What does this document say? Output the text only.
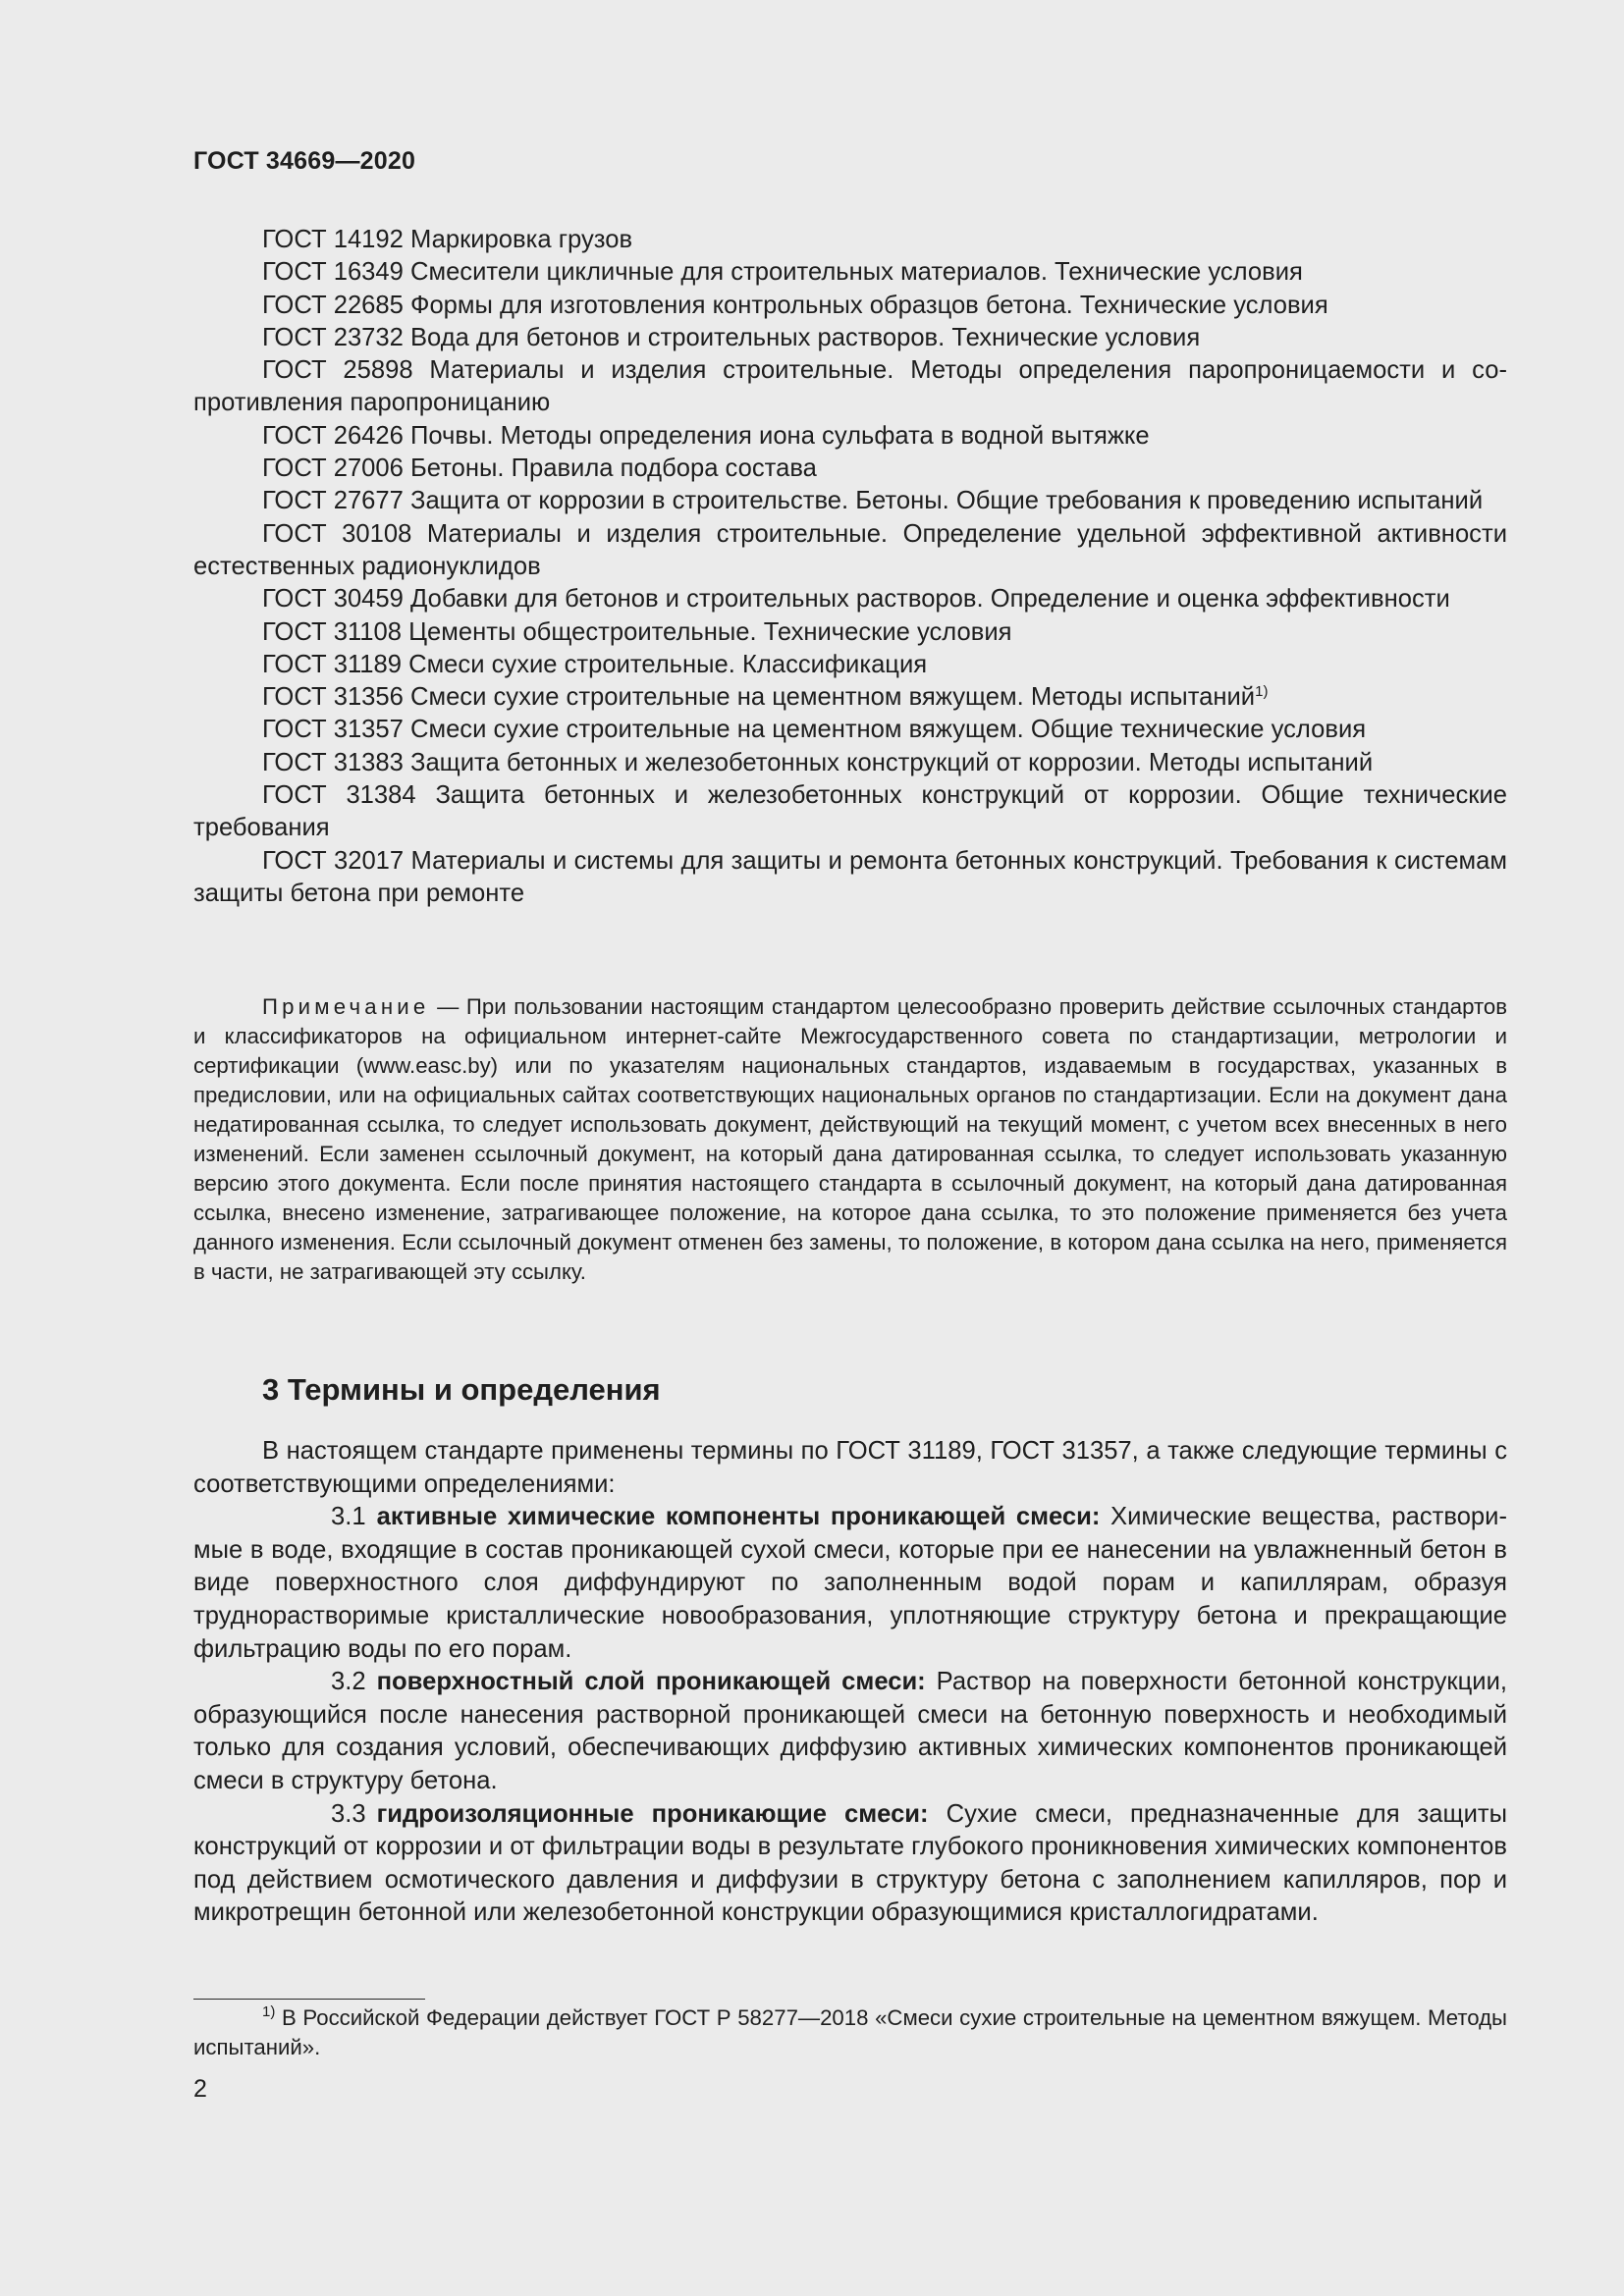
ГОСТ 34669—2020

ГОСТ 14192 Маркировка грузов

ГОСТ 16349 Смесители цикличные для строительных материалов. Технические условия

ГОСТ 22685 Формы для изготовления контрольных образцов бетона. Технические условия

ГОСТ 23732 Вода для бетонов и строительных растворов. Технические условия

ГОСТ 25898 Материалы и изделия строительные. Методы определения паропроницаемости и сопротивления паропроницанию

ГОСТ 26426 Почвы. Методы определения иона сульфата в водной вытяжке

ГОСТ 27006 Бетоны. Правила подбора состава

ГОСТ 27677 Защита от коррозии в строительстве. Бетоны. Общие требования к проведению испытаний

ГОСТ 30108 Материалы и изделия строительные. Определение удельной эффективной активности естественных радионуклидов

ГОСТ 30459 Добавки для бетонов и строительных растворов. Определение и оценка эффективности

ГОСТ 31108 Цементы общестроительные. Технические условия

ГОСТ 31189 Смеси сухие строительные. Классификация

ГОСТ 31356 Смеси сухие строительные на цементном вяжущем. Методы испытаний$^{1)}$

ГОСТ 31357 Смеси сухие строительные на цементном вяжущем. Общие технические условия

ГОСТ 31383 Защита бетонных и железобетонных конструкций от коррозии. Методы испытаний

ГОСТ 31384 Защита бетонных и железобетонных конструкций от коррозии. Общие технические требования

ГОСТ 32017 Материалы и системы для защиты и ремонта бетонных конструкций. Требования к системам защиты бетона при ремонте

Примечание — При пользовании настоящим стандартом целесообразно проверить действие ссылочных стандартов и классификаторов на официальном интернет-сайте Межгосударственного совета по стандартизации, метрологии и сертификации (www.easc.by) или по указателям национальных стандартов, издаваемым в государствах, указанных в предисловии, или на официальных сайтах соответствующих национальных органов по стандартизации. Если на документ дана недатированная ссылка, то следует использовать документ, действующий на текущий момент, с учетом всех внесенных в него изменений. Если заменен ссылочный документ, на который дана датированная ссылка, то следует использовать указанную версию этого документа. Если после принятия настоящего стандарта в ссылочный документ, на который дана датированная ссылка, внесено изменение, затрагивающее положение, на которое дана ссылка, то это положение применяется без учета данного изменения. Если ссылочный документ отменен без замены, то положение, в котором дана ссылка на него, применяется в части, не затрагивающей эту ссылку.

3 Термины и определения

В настоящем стандарте применены термины по ГОСТ 31189, ГОСТ 31357, а также следующие термины с соответствующими определениями:

3.1 активные химические компоненты проникающей смеси: Химические вещества, растворимые в воде, входящие в состав проникающей сухой смеси, которые при ее нанесении на увлажненный бетон в виде поверхностного слоя диффундируют по заполненным водой порам и капиллярам, образуя труднорастворимые кристаллические новообразования, уплотняющие структуру бетона и прекращающие фильтрацию воды по его порам.

3.2 поверхностный слой проникающей смеси: Раствор на поверхности бетонной конструкции, образующийся после нанесения растворной проникающей смеси на бетонную поверхность и необходимый только для создания условий, обеспечивающих диффузию активных химических компонентов проникающей смеси в структуру бетона.

3.3 гидроизоляционные проникающие смеси: Сухие смеси, предназначенные для защиты конструкций от коррозии и от фильтрации воды в результате глубокого проникновения химических компонентов под действием осмотического давления и диффузии в структуру бетона с заполнением капилляров, пор и микротрещин бетонной или железобетонной конструкции образующимися кристаллогидратами.

$^{1)}$ В Российской Федерации действует ГОСТ Р 58277—2018 «Смеси сухие строительные на цементном вяжущем. Методы испытаний».

2
